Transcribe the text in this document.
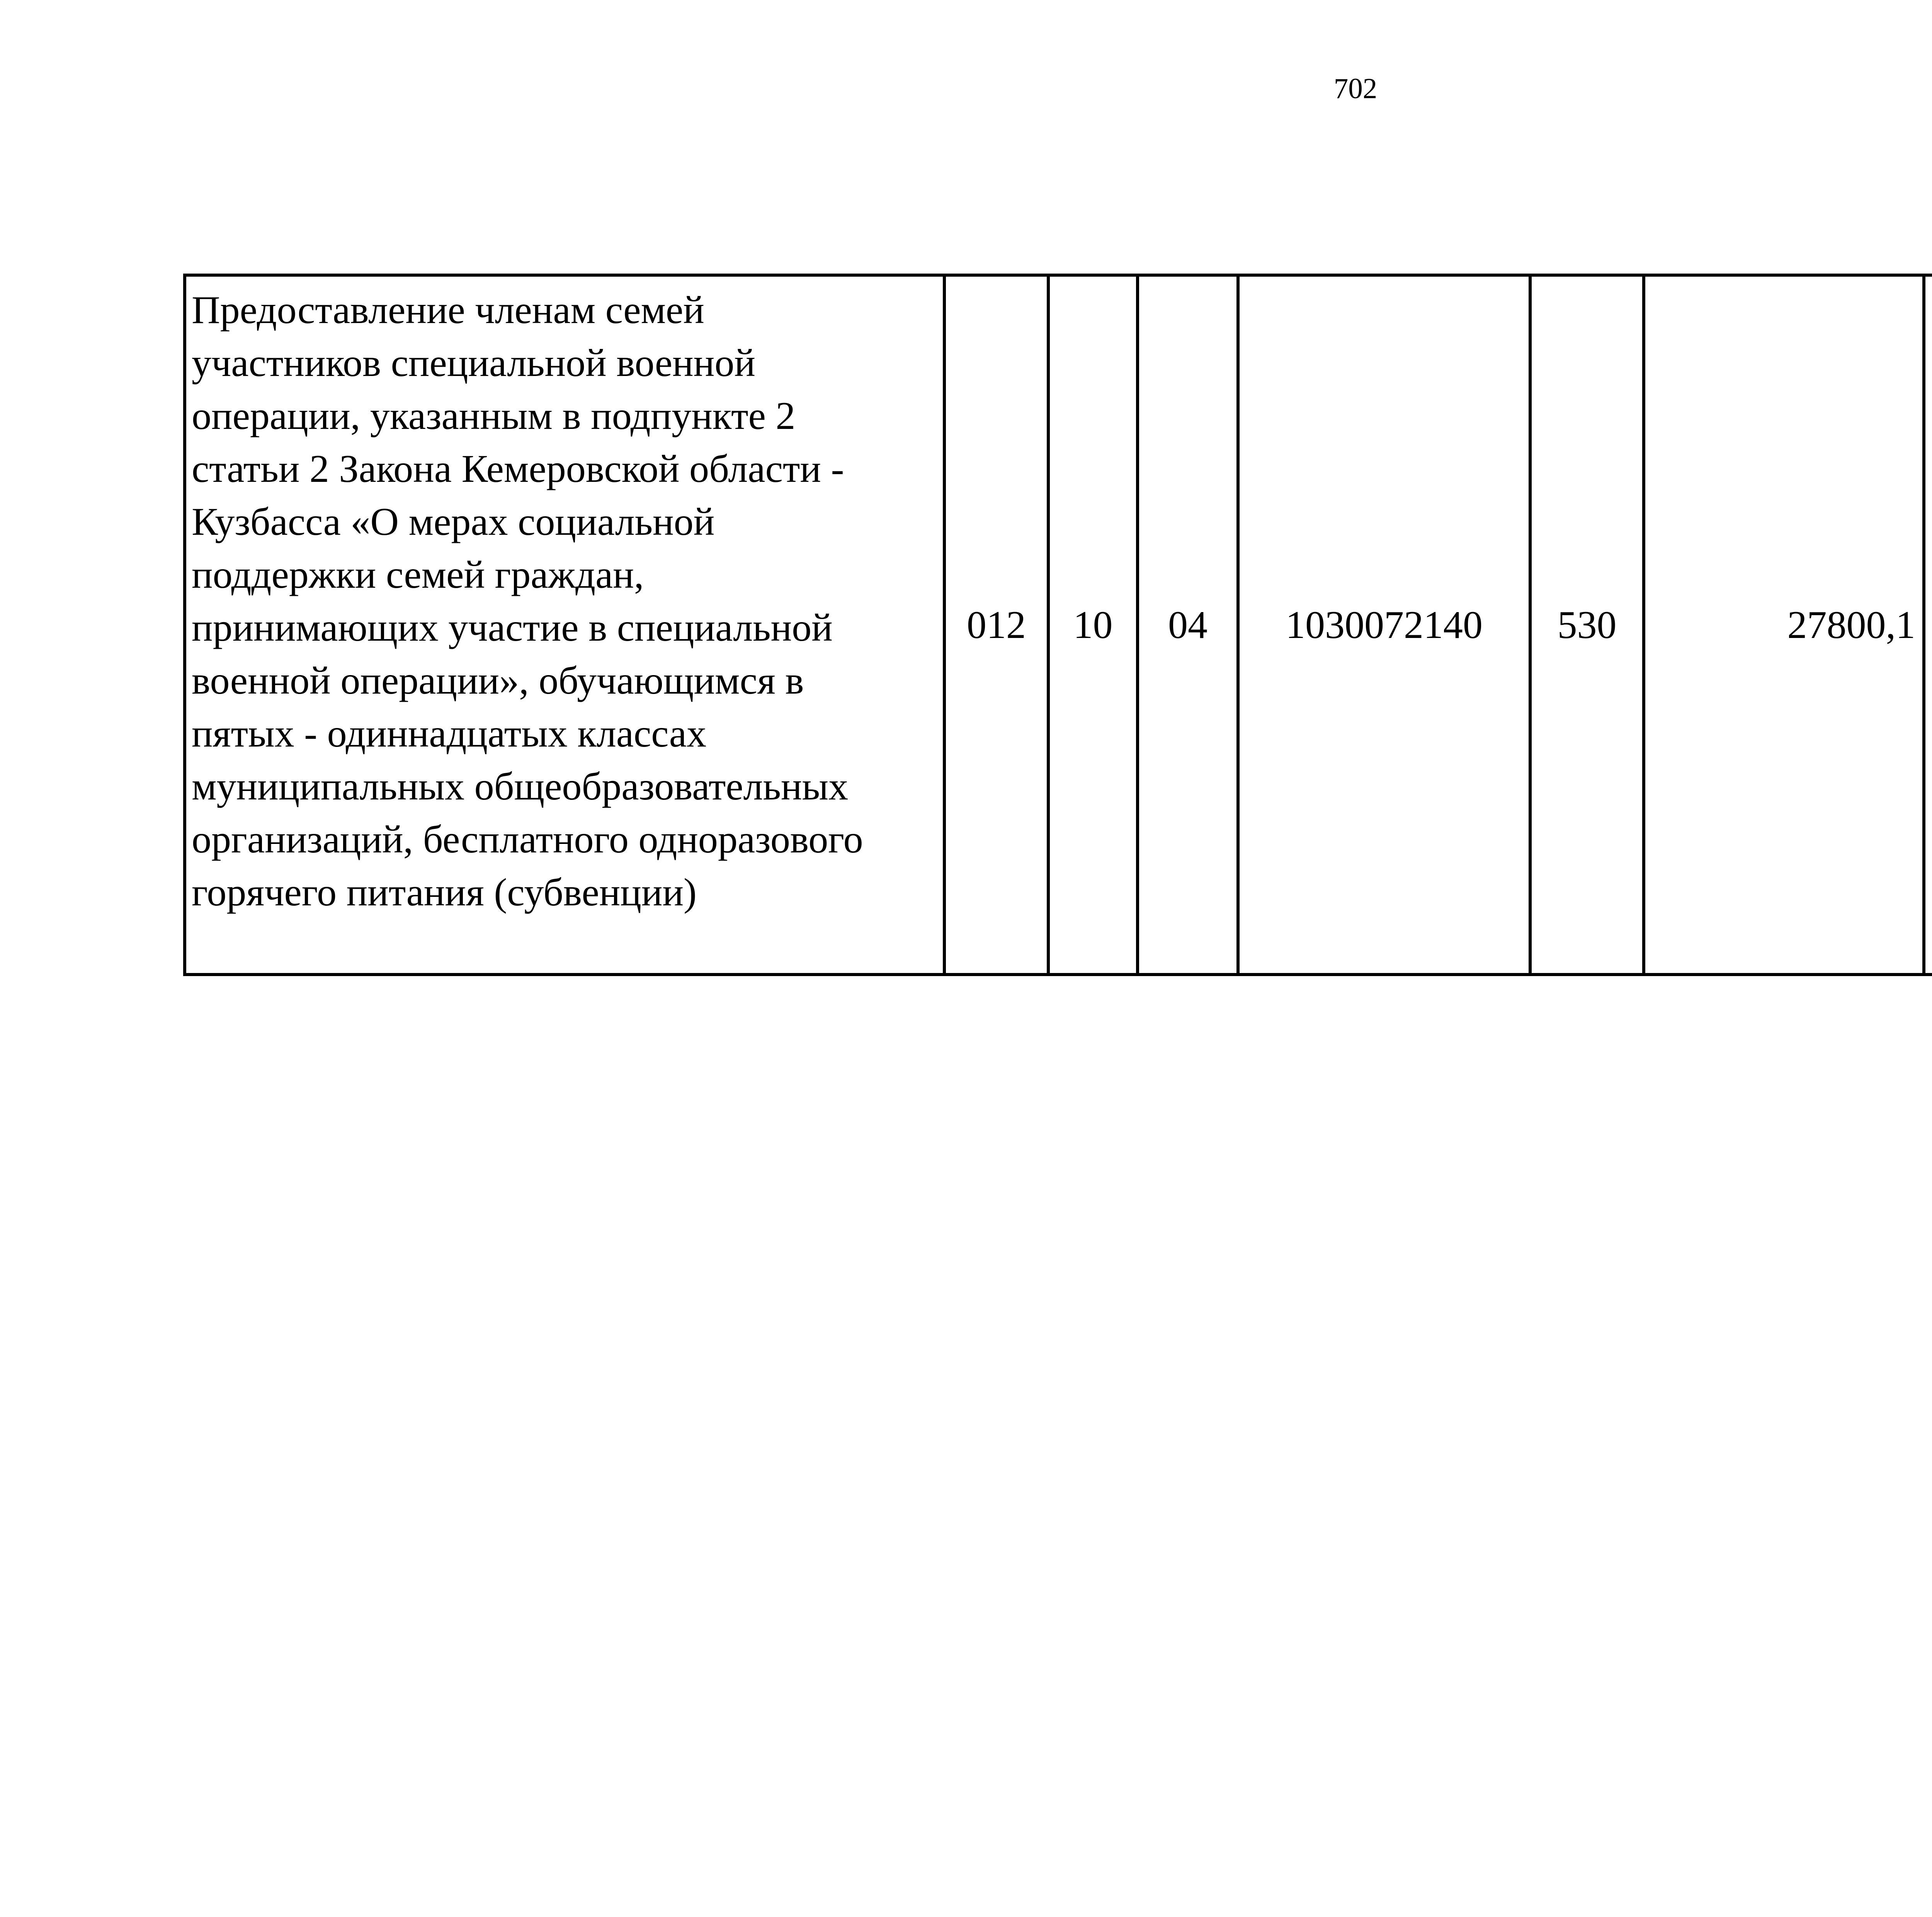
702
Предоставление членам семей
участников специальной военной
операции, указанным в подпункте 2
статьи 2 Закона Кемеровской области -
Кузбасса «О мерах социальной
поддержки семей граждан,
принимающих участие в специальной
военной операции», обучающимся в
пятых - одиннадцатых классах
муниципальных общеобразовательных
организаций, бесплатного одноразового
горячего питания (субвенции)
	012	10	04	1030072140	530	27800,1		
